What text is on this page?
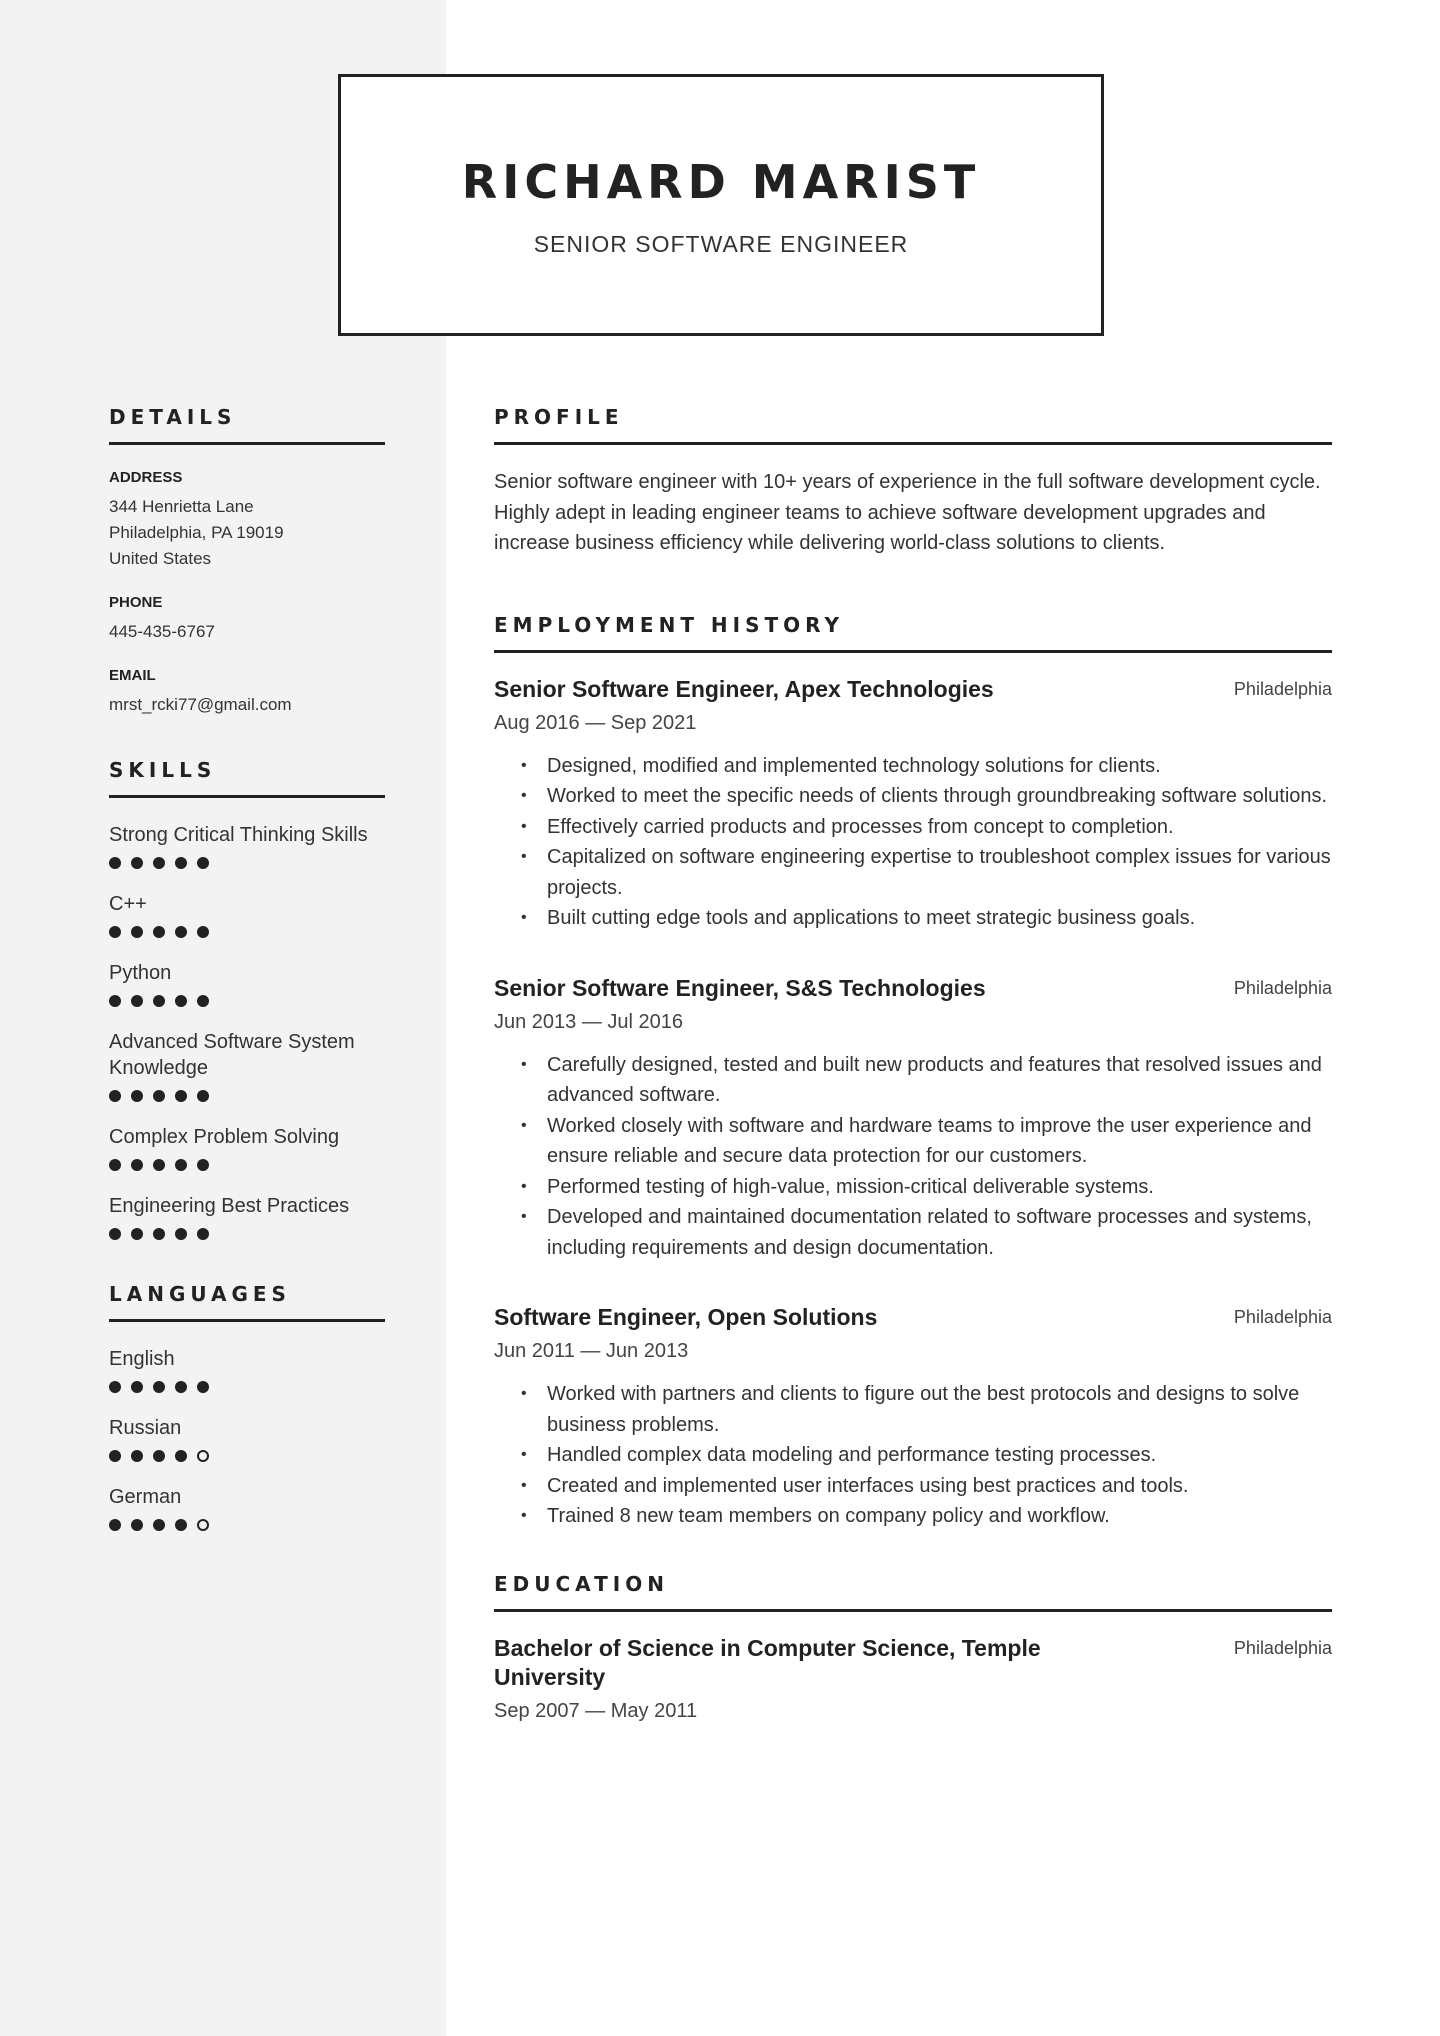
RICHARD MARIST
SENIOR SOFTWARE ENGINEER
DETAILS
ADDRESS
344 Henrietta Lane
Philadelphia, PA 19019
United States
PHONE
445-435-6767
EMAIL
mrst_rcki77@gmail.com
SKILLS
Strong Critical Thinking Skills
C++
Python
Advanced Software System Knowledge
Complex Problem Solving
Engineering Best Practices
LANGUAGES
English
Russian
German
PROFILE
Senior software engineer with 10+ years of experience in the full software development cycle. Highly adept in leading engineer teams to achieve software development upgrades and increase business efficiency while delivering world-class solutions to clients.
EMPLOYMENT HISTORY
Senior Software Engineer, Apex Technologies	Philadelphia
Aug 2016 — Sep 2021
• Designed, modified and implemented technology solutions for clients.
• Worked to meet the specific needs of clients through groundbreaking software solutions.
• Effectively carried products and processes from concept to completion.
• Capitalized on software engineering expertise to troubleshoot complex issues for various projects.
• Built cutting edge tools and applications to meet strategic business goals.
Senior Software Engineer, S&S Technologies	Philadelphia
Jun 2013 — Jul 2016
• Carefully designed, tested and built new products and features that resolved issues and advanced software.
• Worked closely with software and hardware teams to improve the user experience and ensure reliable and secure data protection for our customers.
• Performed testing of high-value, mission-critical deliverable systems.
• Developed and maintained documentation related to software processes and systems, including requirements and design documentation.
Software Engineer, Open Solutions	Philadelphia
Jun 2011 — Jun 2013
• Worked with partners and clients to figure out the best protocols and designs to solve business problems.
• Handled complex data modeling and performance testing processes.
• Created and implemented user interfaces using best practices and tools.
• Trained 8 new team members on company policy and workflow.
EDUCATION
Bachelor of Science in Computer Science, Temple University
Philadelphia
Sep 2007 — May 2011
